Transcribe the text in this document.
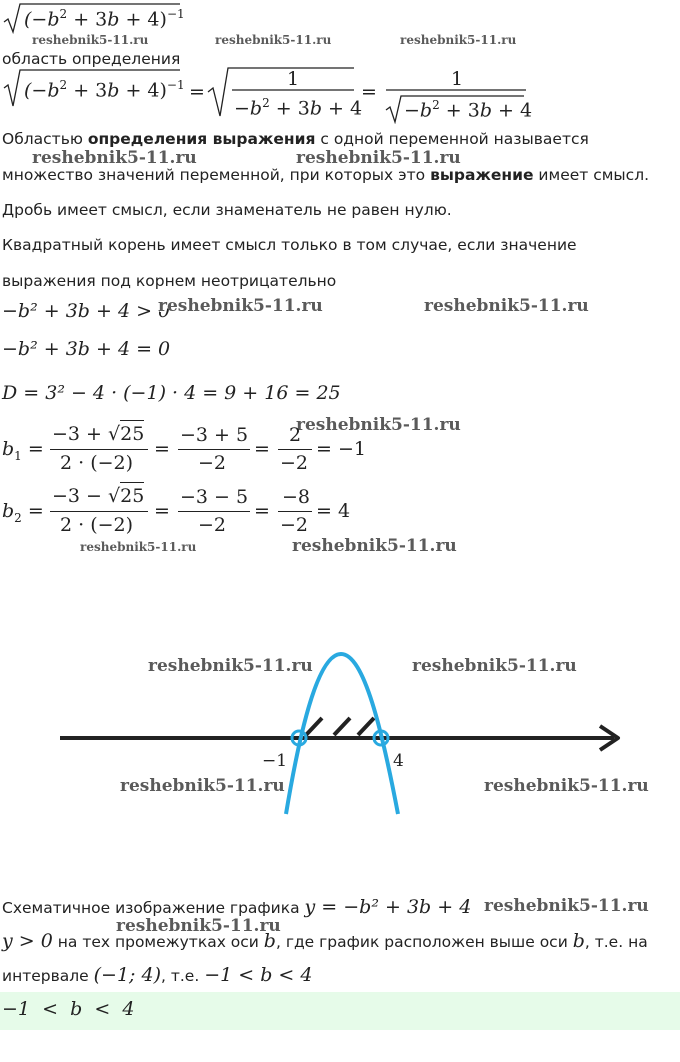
$(-b^2 + 3b + 4)^{-1}$
reshebnik5-11.ru	reshebnik5-11.ru	reshebnik5-11.ru
область определения
$(-b^2 + 3b + 4)^{-1}$ =
1
$-b^2 + 3b + 4$
=
1
$-b^2 + 3b + 4$
Областью определения выражения с одной переменной называется
reshebnik5-11.ru	reshebnik5-11.ru
множество значений переменной, при которых это выражение имеет смысл.
Дробь имеет смысл, если знаменатель не равен нулю.
Квадратный корень имеет смысл только в том случае, если значение
выражения под корнем неотрицательно
−b² + 3b + 4 > 0
reshebnik5-11.ru	reshebnik5-11.ru
−b² + 3b + 4 = 0
D = 3² − 4 · (−1) · 4 = 9 + 16 = 25
reshebnik5-11.ru
$b_1$ =
−3 + √25
2 · (−2)
=
−3 + 5
−2
=
2
−2
= −1
$b_2$ =
−3 − √25
2 · (−2)
=
−3 − 5
−2
=
−8
−2
= 4
reshebnik5-11.ru	reshebnik5-11.ru
−1	4
reshebnik5-11.ru	reshebnik5-11.ru
reshebnik5-11.ru	reshebnik5-11.ru
Схематичное изображение графика y = −b² + 3b + 4 reshebnik5-11.ru
reshebnik5-11.ru
y > 0 на тех промежутках оси b, где график расположен выше оси b, т.е. на
интервале (−1; 4), т.е. −1 < b < 4
−1  <  b  <  4
